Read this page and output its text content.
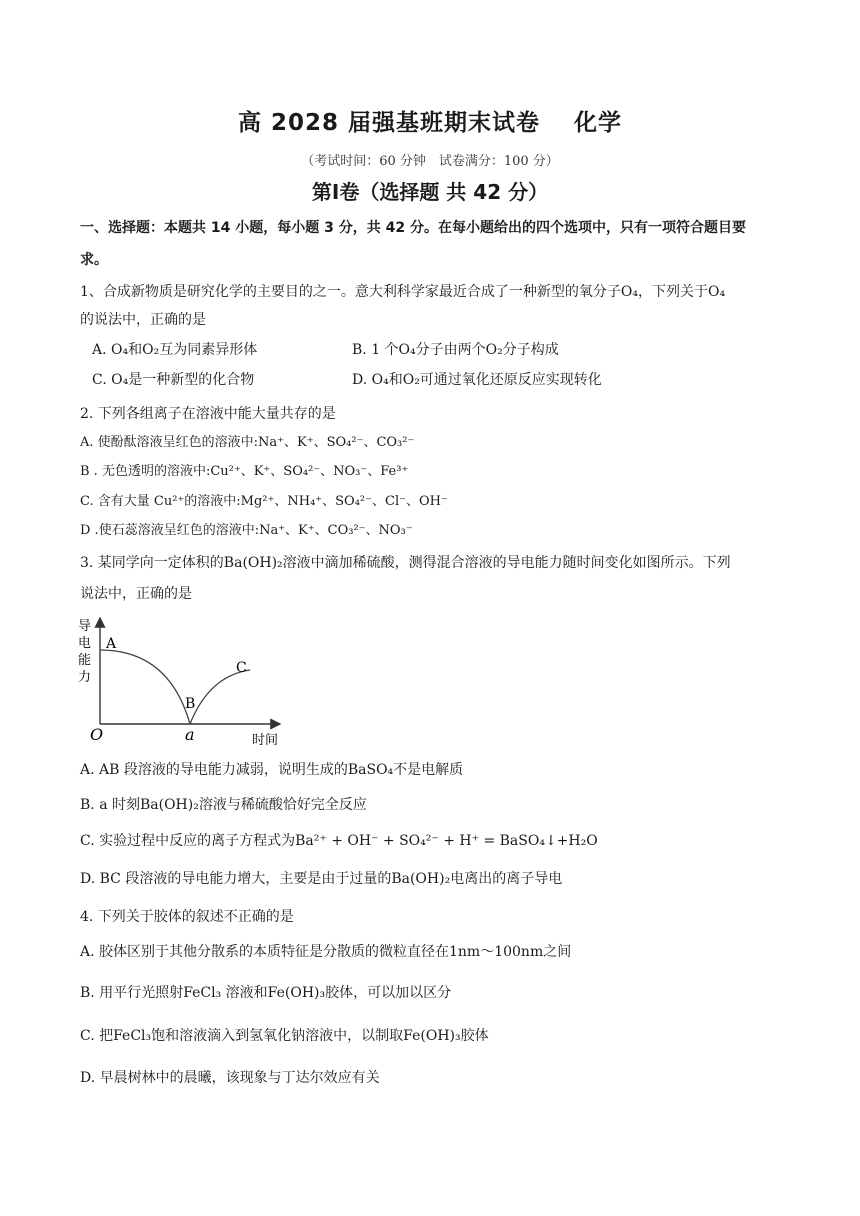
高 2028 届强基班期末试卷 化学
（考试时间：60 分钟　试卷满分：100 分）
第Ⅰ卷（选择题 共 42 分）
一、选择题：本题共 14 小题，每小题 3 分，共 42 分。在每小题给出的四个选项中，只有一项符合题目要
求。
1、合成新物质是研究化学的主要目的之一。意大利科学家最近合成了一种新型的氧分子O₄，下列关于O₄
的说法中，正确的是
A. O₄和O₂互为同素异形体	B. 1 个O₄分子由两个O₂分子构成
C. O₄是一种新型的化合物	D. O₄和O₂可通过氧化还原反应实现转化
2. 下列各组离子在溶液中能大量共存的是
A. 使酚酞溶液呈红色的溶液中:Na⁺、K⁺、SO₄²⁻、CO₃²⁻
B . 无色透明的溶液中:Cu²⁺、K⁺、SO₄²⁻、NO₃⁻、Fe³⁺
C. 含有大量 Cu²⁺的溶液中:Mg²⁺、NH₄⁺、SO₄²⁻、Cl⁻、OH⁻
D .使石蕊溶液呈红色的溶液中:Na⁺、K⁺、CO₃²⁻、NO₃⁻
3. 某同学向一定体积的Ba(OH)₂溶液中滴加稀硫酸，测得混合溶液的导电能力随时间变化如图所示。下列
说法中，正确的是
导
电
能
力
A
B
C
O	a	时间
A. AB 段溶液的导电能力减弱，说明生成的BaSO₄不是电解质
B. a 时刻Ba(OH)₂溶液与稀硫酸恰好完全反应
C. 实验过程中反应的离子方程式为Ba²⁺ + OH⁻ + SO₄²⁻ + H⁺ = BaSO₄↓+H₂O
D. BC 段溶液的导电能力增大，主要是由于过量的Ba(OH)₂电离出的离子导电
4. 下列关于胶体的叙述不正确的是
A. 胶体区别于其他分散系的本质特征是分散质的微粒直径在1nm～100nm之间
B. 用平行光照射FeCl₃ 溶液和Fe(OH)₃胶体，可以加以区分
C. 把FeCl₃饱和溶液滴入到氢氧化钠溶液中，以制取Fe(OH)₃胶体
D. 早晨树林中的晨曦，该现象与丁达尔效应有关
